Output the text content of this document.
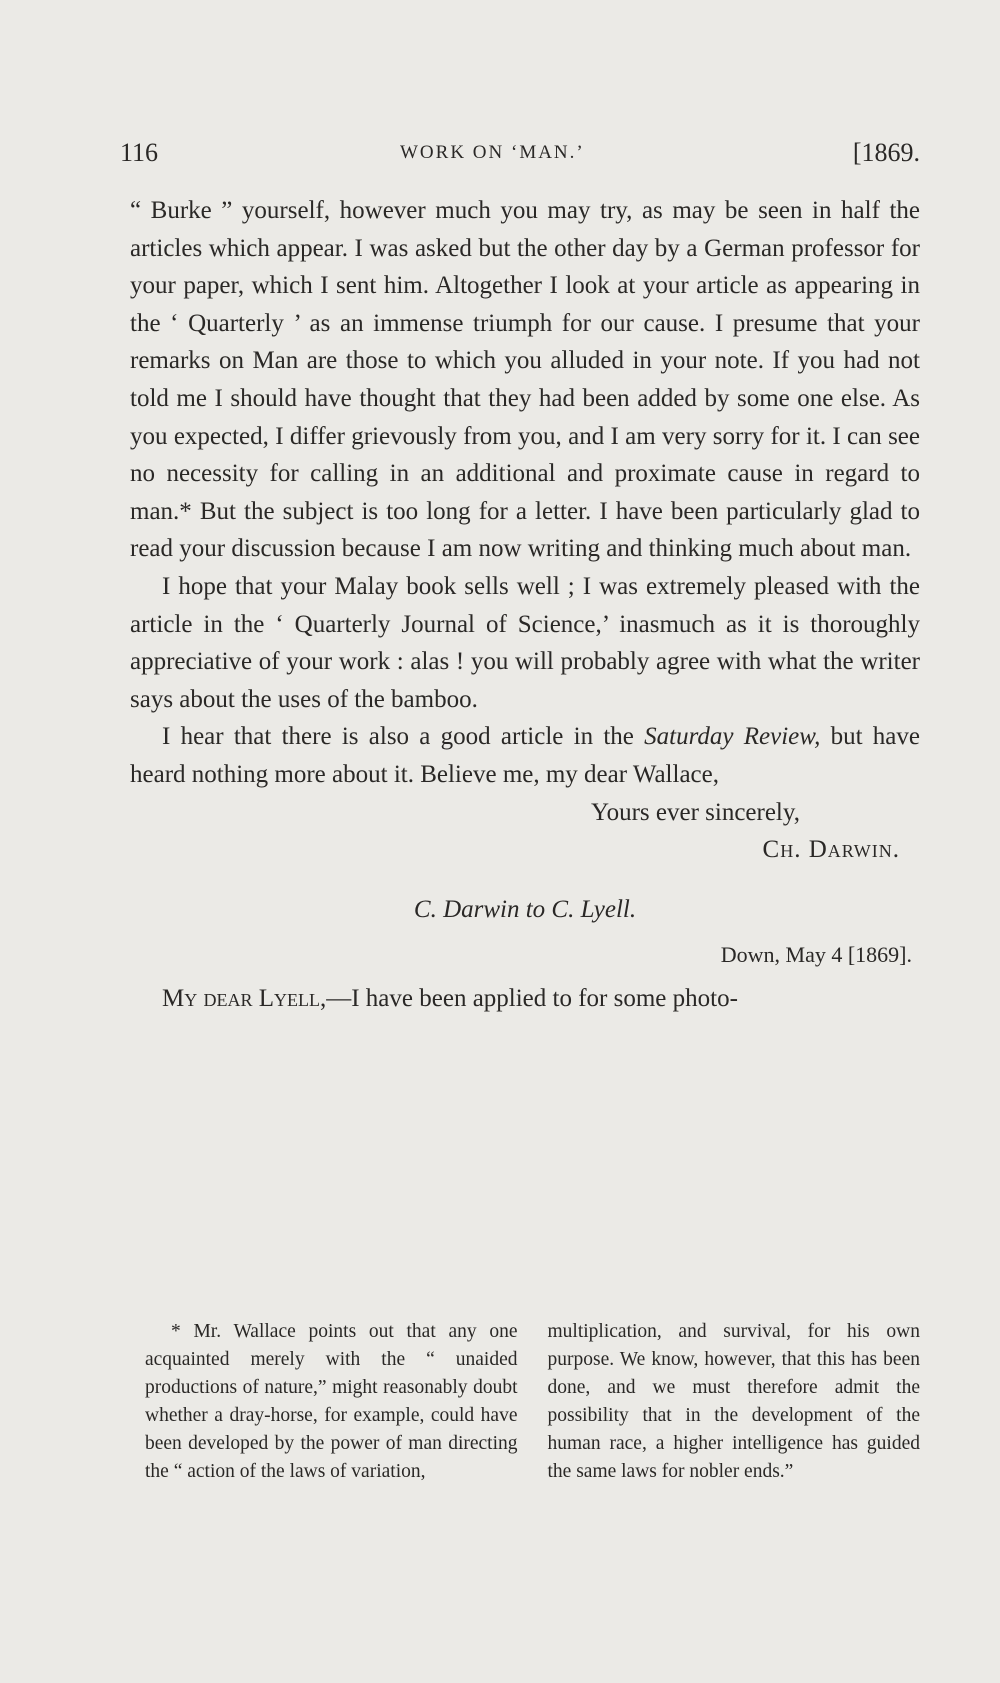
116	WORK ON ‘MAN.’	[1869.

“ Burke ” yourself, however much you may try, as may be seen in half the articles which appear. I was asked but the other day by a German professor for your paper, which I sent him. Altogether I look at your article as appearing in the ‘ Quarterly ’ as an immense triumph for our cause. I presume that your remarks on Man are those to which you alluded in your note. If you had not told me I should have thought that they had been added by some one else. As you expected, I differ grievously from you, and I am very sorry for it. I can see no necessity for calling in an additional and proximate cause in regard to man.* But the subject is too long for a letter. I have been particularly glad to read your discussion because I am now writing and thinking much about man.

I hope that your Malay book sells well ; I was extremely pleased with the article in the ‘ Quarterly Journal of Science,’ inasmuch as it is thoroughly appreciative of your work : alas ! you will probably agree with what the writer says about the uses of the bamboo.

I hear that there is also a good article in the Saturday Review, but have heard nothing more about it. Believe me, my dear Wallace,

Yours ever sincerely,
Ch. Darwin.
C. Darwin to C. Lyell.
Down, May 4 [1869].

My dear Lyell,—I have been applied to for some photo-

* Mr. Wallace points out that any one acquainted merely with the “ unaided productions of nature,” might reasonably doubt whether a dray-horse, for example, could have been developed by the power of man directing the “ action of the laws of variation,

multiplication, and survival, for his own purpose. We know, however, that this has been done, and we must therefore admit the possibility that in the development of the human race, a higher intelligence has guided the same laws for nobler ends.”
